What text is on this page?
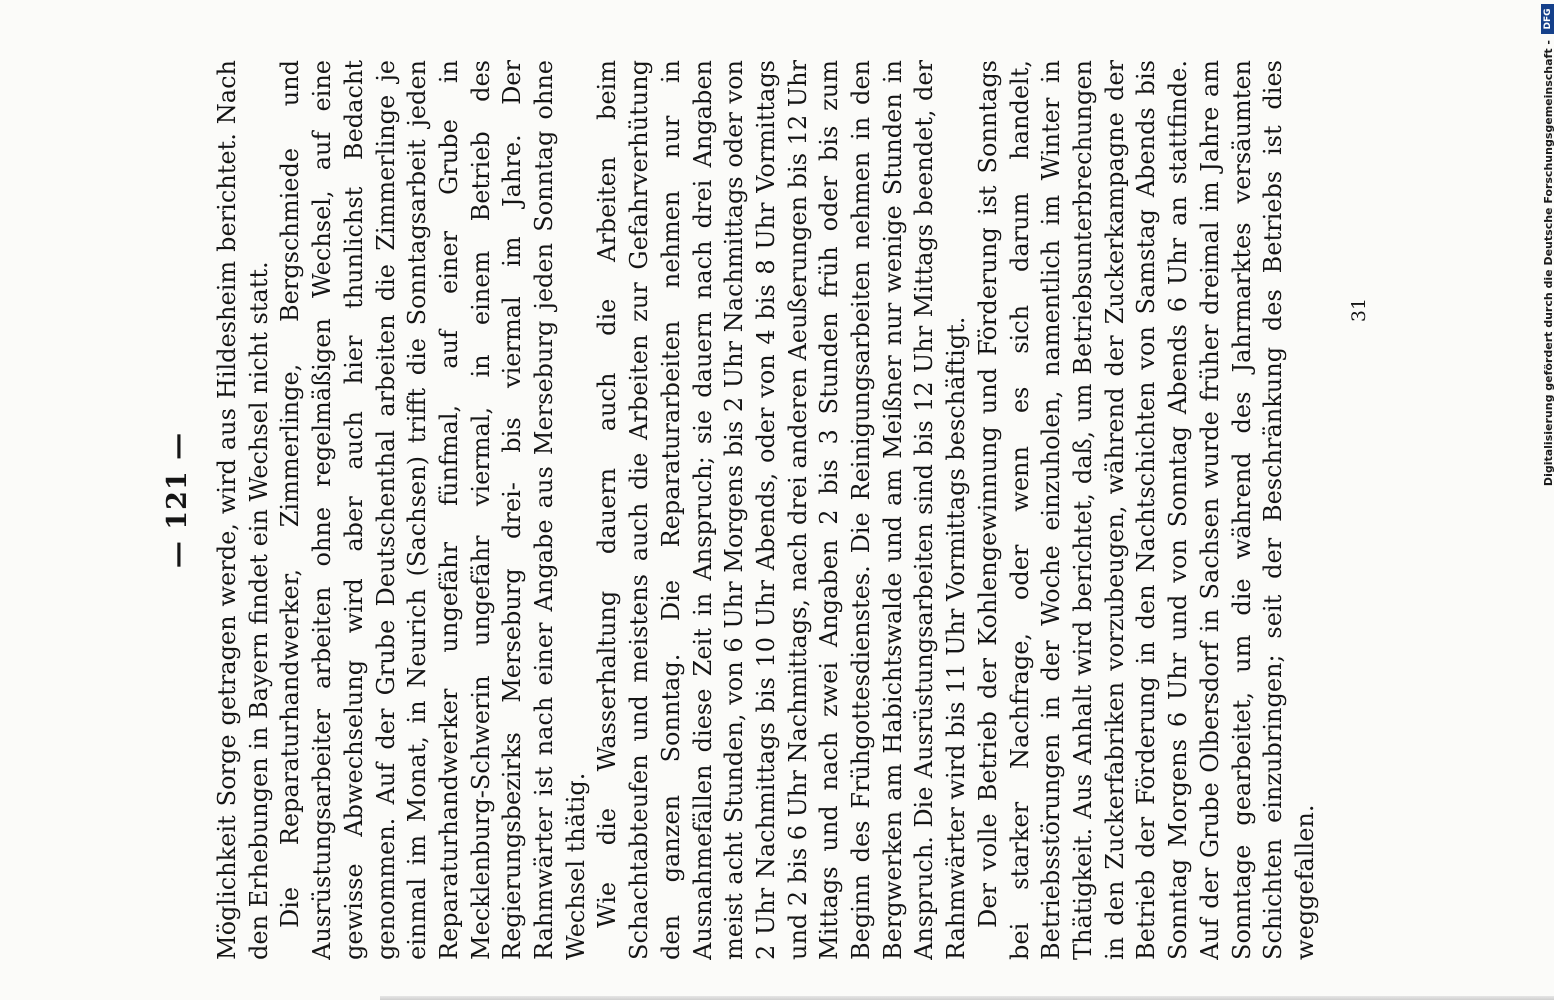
— 121 — Möglichkeit Sorge getragen werde, wird aus Hildesheim berichtet. Nach den Erhebungen in Bayern findet ein Wechsel nicht statt. Die Reparaturhandwerker, Zimmerlinge, Bergschmiede und Ausrüstungsarbeiter arbeiten ohne regelmäßigen Wechsel, auf eine gewisse Abwechselung wird aber auch hier thunlichst Bedacht genommen. Auf der Grube Deutschenthal arbeiten die Zimmerlinge je einmal im Monat, in Neurich (Sachsen) trifft die Sonntagsarbeit jeden Reparaturhandwerker ungefähr fünfmal, auf einer Grube in Mecklenburg-Schwerin ungefähr viermal, in einem Betrieb des Regierungsbezirks Merseburg drei- bis viermal im Jahre. Der Rahmwärter ist nach einer Angabe aus Merseburg jeden Sonntag ohne Wechsel thätig. Wie die Wasserhaltung dauern auch die Arbeiten beim Schachtabteufen und meistens auch die Arbeiten zur Gefahrverhütung den ganzen Sonntag. Die Reparaturarbeiten nehmen nur in Ausnahmefällen diese Zeit in Anspruch; sie dauern nach drei Angaben meist acht Stunden, von 6 Uhr Morgens bis 2 Uhr Nachmittags oder von 2 Uhr Nachmittags bis 10 Uhr Abends, oder von 4 bis 8 Uhr Vormittags und 2 bis 6 Uhr Nachmittags, nach drei anderen Aeußerungen bis 12 Uhr Mittags und nach zwei Angaben 2 bis 3 Stunden früh oder bis zum Beginn des Frühgottesdienstes. Die Reinigungsarbeiten nehmen in den Bergwerken am Habichtswalde und am Meißner nur wenige Stunden in Anspruch. Die Ausrüstungsarbeiten sind bis 12 Uhr Mittags beendet, der Rahmwärter wird bis 11 Uhr Vormittags beschäftigt. Der volle Betrieb der Kohlengewinnung und Förderung ist Sonntags bei starker Nachfrage, oder wenn es sich darum handelt, Betriebsstörungen in der Woche einzuholen, namentlich im Winter in Thätigkeit. Aus Anhalt wird berichtet, daß, um Betriebsunterbrechungen in den Zuckerfabriken vorzubeugen, während der Zuckerkampagne der Betrieb der Förderung in den Nachtschichten von Samstag Abends bis Sonntag Morgens 6 Uhr und von Sonntag Abends 6 Uhr an stattfinde. Auf der Grube Olbersdorf in Sachsen wurde früher dreimal im Jahre am Sonntage gearbeitet, um die während des Jahrmarktes versäumten Schichten einzubringen; seit der Beschränkung des Betriebs ist dies weggefallen.

31	Digitalisierung gefördert durch die Deutsche Forschungsgemeinschaft -
DFG
